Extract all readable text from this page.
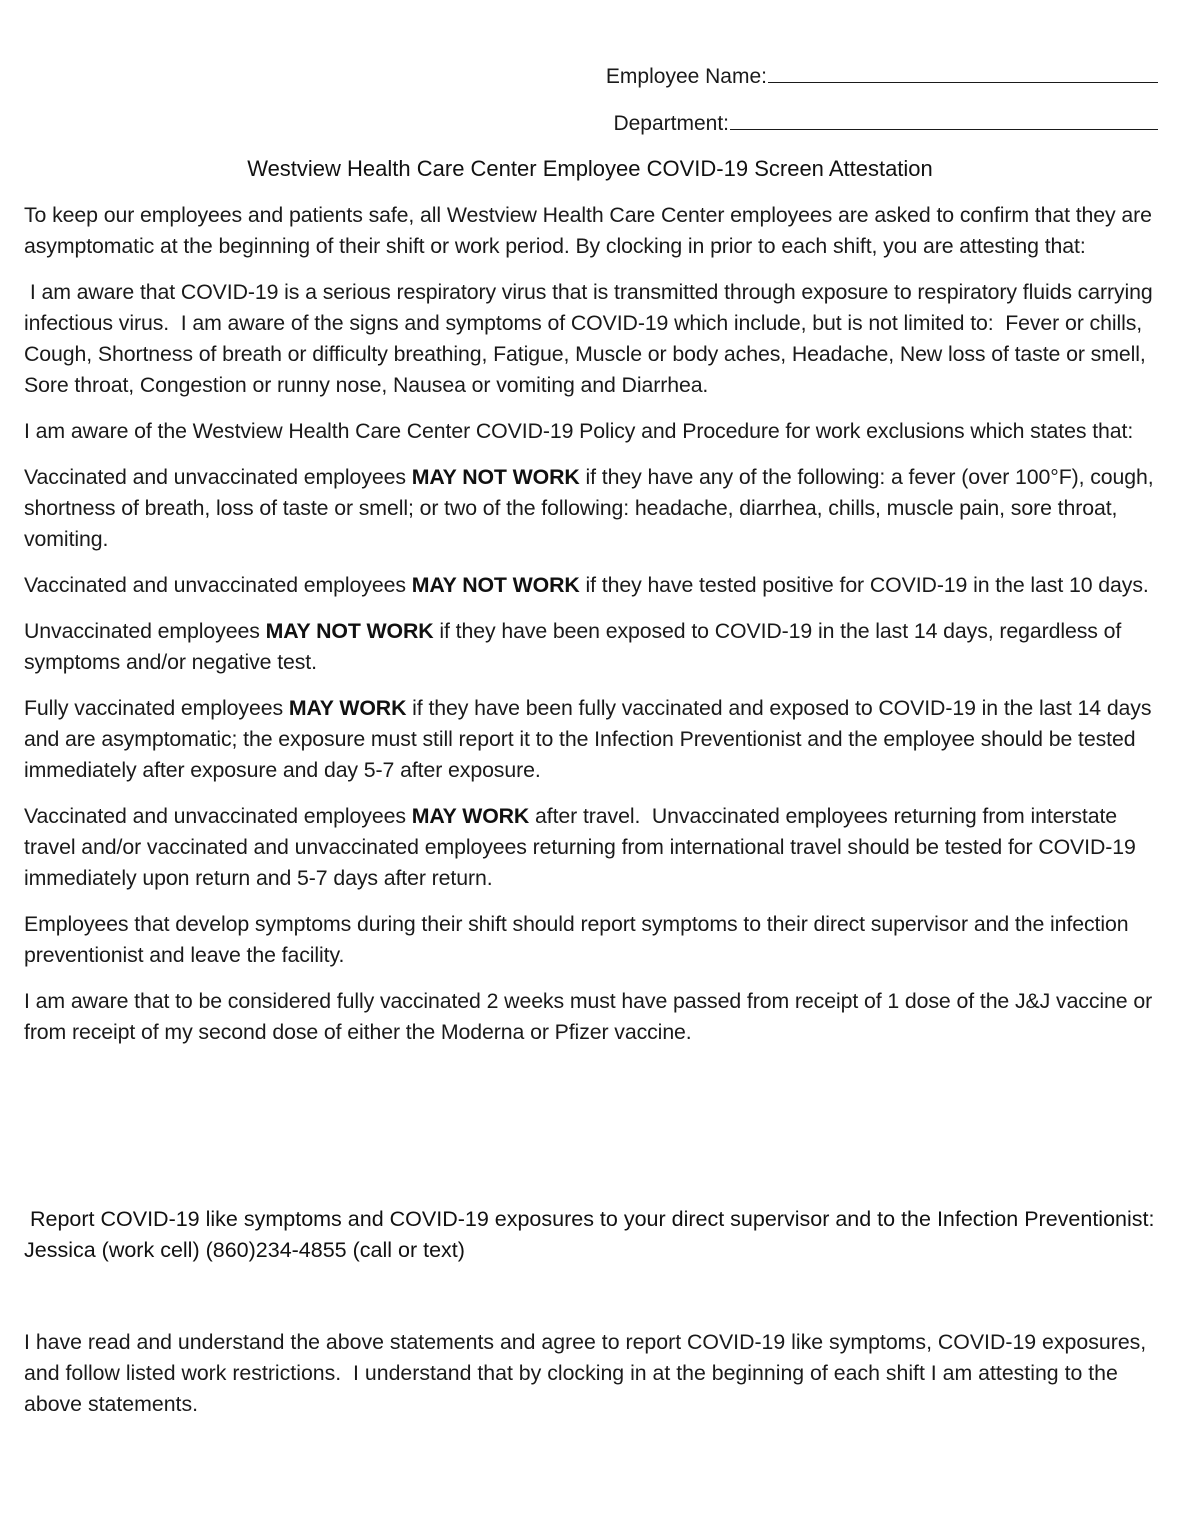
Employee Name:
Department:
Westview Health Care Center Employee COVID-19 Screen Attestation

To keep our employees and patients safe, all Westview Health Care Center employees are asked to confirm that they are asymptomatic at the beginning of their shift or work period. By clocking in prior to each shift, you are attesting that:

I am aware that COVID-19 is a serious respiratory virus that is transmitted through exposure to respiratory fluids carrying infectious virus.  I am aware of the signs and symptoms of COVID-19 which include, but is not limited to:  Fever or chills, Cough, Shortness of breath or difficulty breathing, Fatigue, Muscle or body aches, Headache, New loss of taste or smell, Sore throat, Congestion or runny nose, Nausea or vomiting and Diarrhea.

I am aware of the Westview Health Care Center COVID-19 Policy and Procedure for work exclusions which states that:

Vaccinated and unvaccinated employees MAY NOT WORK if they have any of the following: a fever (over 100°F), cough, shortness of breath, loss of taste or smell; or two of the following: headache, diarrhea, chills, muscle pain, sore throat, vomiting.

Vaccinated and unvaccinated employees MAY NOT WORK if they have tested positive for COVID-19 in the last 10 days.

Unvaccinated employees MAY NOT WORK if they have been exposed to COVID-19 in the last 14 days, regardless of symptoms and/or negative test.

Fully vaccinated employees MAY WORK if they have been fully vaccinated and exposed to COVID-19 in the last 14 days and are asymptomatic; the exposure must still report it to the Infection Preventionist and the employee should be tested immediately after exposure and day 5-7 after exposure.

Vaccinated and unvaccinated employees MAY WORK after travel.  Unvaccinated employees returning from interstate travel and/or vaccinated and unvaccinated employees returning from international travel should be tested for COVID-19 immediately upon return and 5-7 days after return.

Employees that develop symptoms during their shift should report symptoms to their direct supervisor and the infection preventionist and leave the facility.

I am aware that to be considered fully vaccinated 2 weeks must have passed from receipt of 1 dose of the J&J vaccine or from receipt of my second dose of either the Moderna or Pfizer vaccine.

Report COVID-19 like symptoms and COVID-19 exposures to your direct supervisor and to the Infection Preventionist:  Jessica (work cell) (860)234-4855 (call or text)
I have read and understand the above statements and agree to report COVID-19 like symptoms, COVID-19 exposures, and follow listed work restrictions.  I understand that by clocking in at the beginning of each shift I am attesting to the above statements.
